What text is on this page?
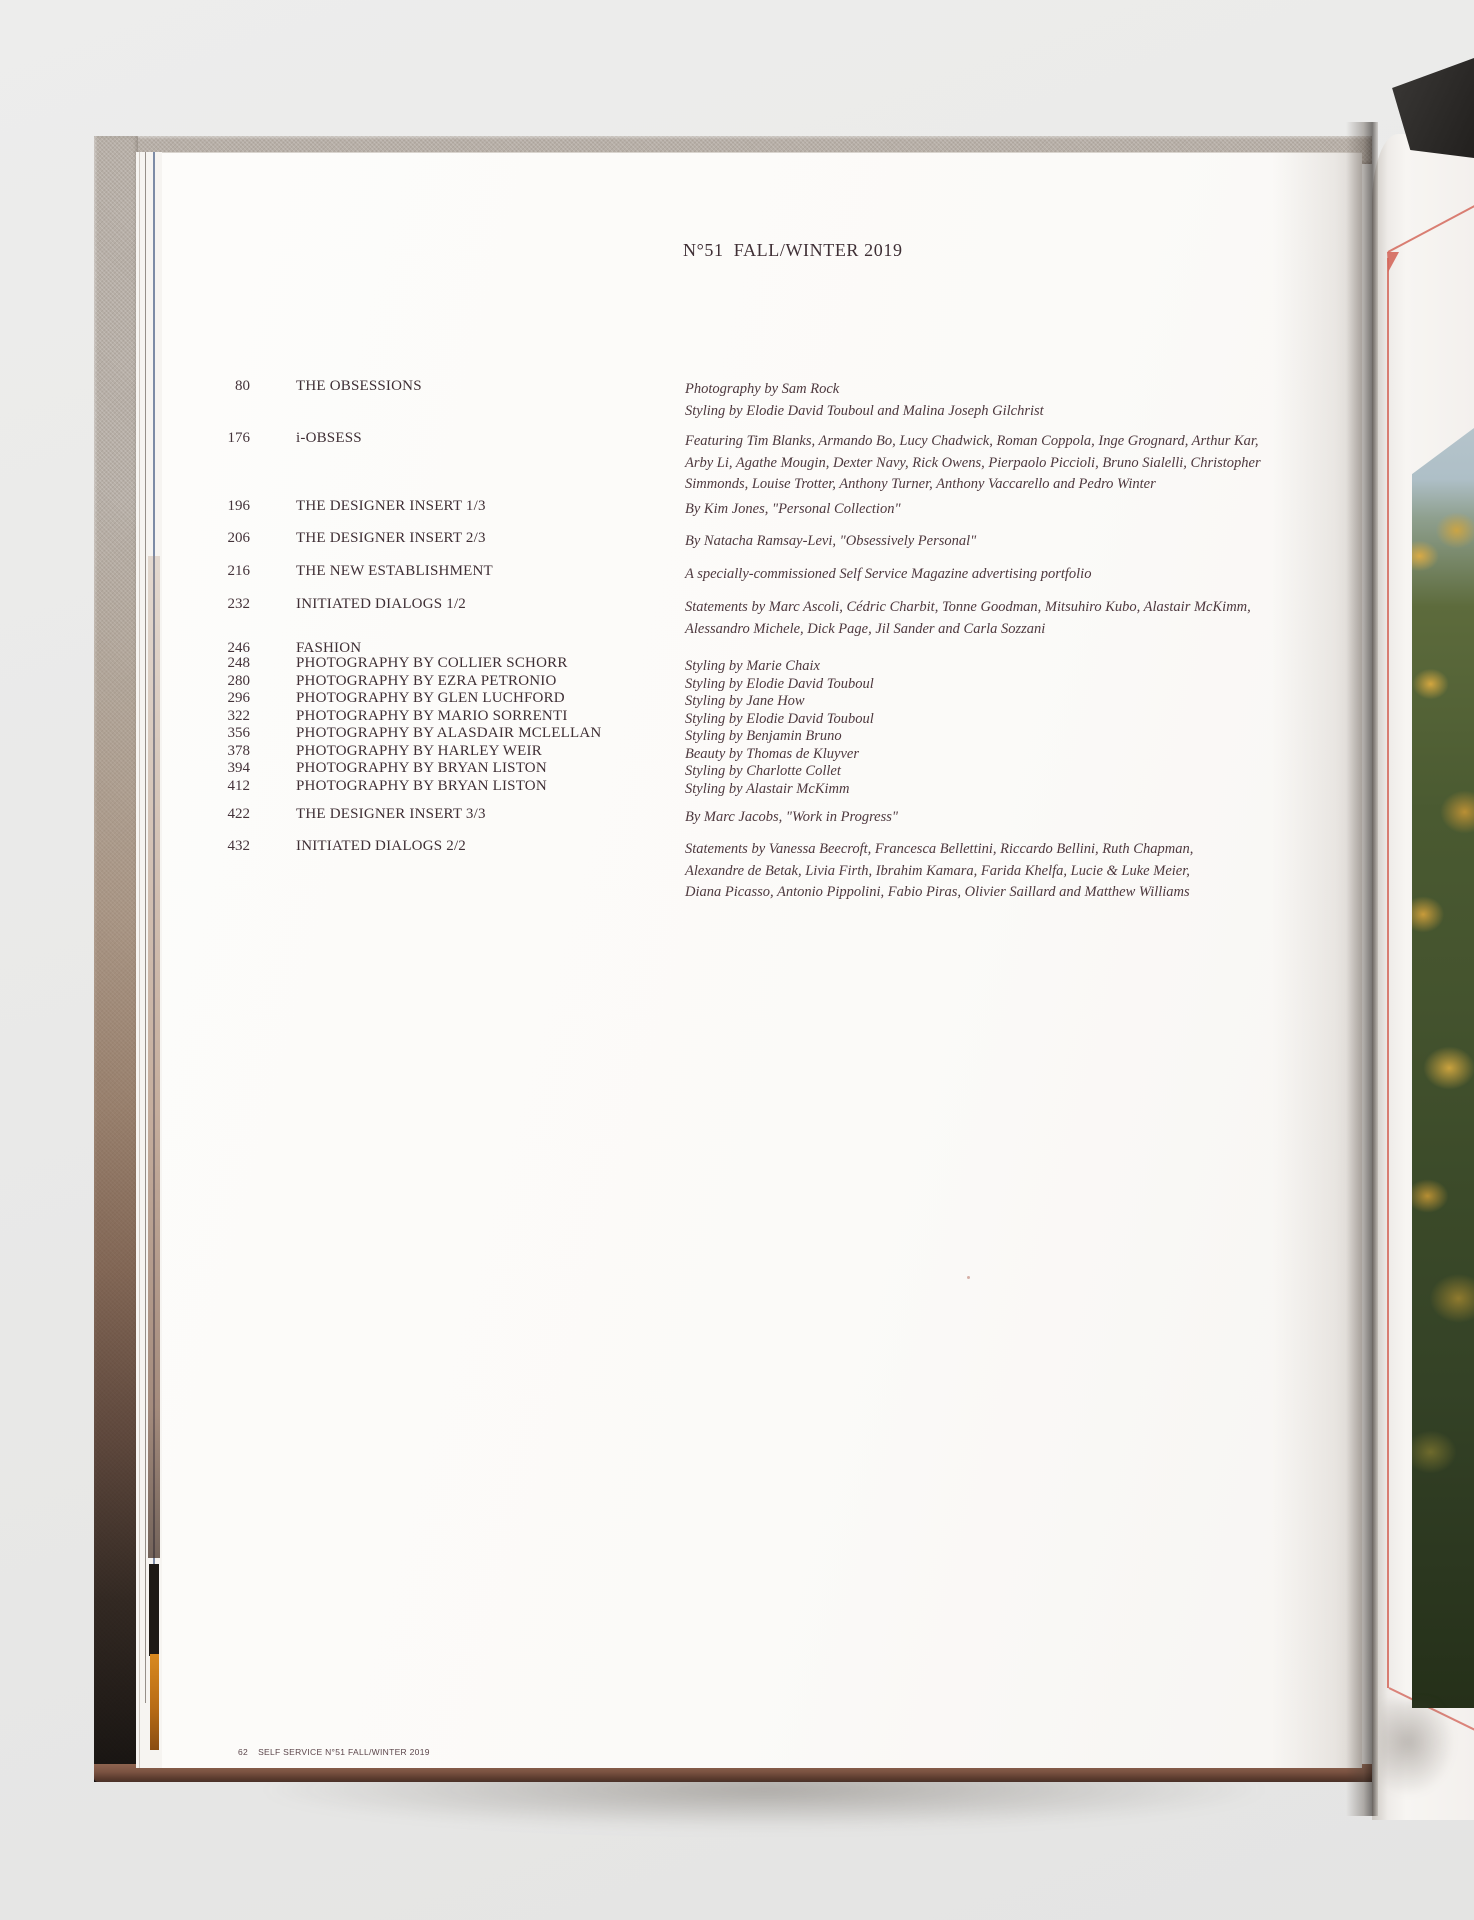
N°51  FALL/WINTER 2019
80	THE OBSESSIONS	Photography by Sam Rock
Styling by Elodie David Touboul and Malina Joseph Gilchrist
176	i-OBSESS	Featuring Tim Blanks, Armando Bo, Lucy Chadwick, Roman Coppola, Inge Grognard, Arthur Kar,
Arby Li, Agathe Mougin, Dexter Navy, Rick Owens, Pierpaolo Piccioli, Bruno Sialelli, Christopher
Simmonds, Louise Trotter, Anthony Turner, Anthony Vaccarello and Pedro Winter
196	THE DESIGNER INSERT 1/3	By Kim Jones, "Personal Collection"
206	THE DESIGNER INSERT 2/3	By Natacha Ramsay-Levi, "Obsessively Personal"
216	THE NEW ESTABLISHMENT	A specially-commissioned Self Service Magazine advertising portfolio
232	INITIATED DIALOGS 1/2	Statements by Marc Ascoli, Cédric Charbit, Tonne Goodman, Mitsuhiro Kubo, Alastair McKimm,
Alessandro Michele, Dick Page, Jil Sander and Carla Sozzani
246	FASHION
248	PHOTOGRAPHY BY COLLIER SCHORR	Styling by Marie Chaix
280	PHOTOGRAPHY BY EZRA PETRONIO	Styling by Elodie David Touboul
296	PHOTOGRAPHY BY GLEN LUCHFORD	Styling by Jane How
322	PHOTOGRAPHY BY MARIO SORRENTI	Styling by Elodie David Touboul
356	PHOTOGRAPHY BY ALASDAIR MCLELLAN	Styling by Benjamin Bruno
378	PHOTOGRAPHY BY HARLEY WEIR	Beauty by Thomas de Kluyver
394	PHOTOGRAPHY BY BRYAN LISTON	Styling by Charlotte Collet
412	PHOTOGRAPHY BY BRYAN LISTON	Styling by Alastair McKimm
422	THE DESIGNER INSERT 3/3	By Marc Jacobs, "Work in Progress"
432	INITIATED DIALOGS 2/2	Statements by Vanessa Beecroft, Francesca Bellettini, Riccardo Bellini, Ruth Chapman,
Alexandre de Betak, Livia Firth, Ibrahim Kamara, Farida Khelfa, Lucie & Luke Meier,
Diana Picasso, Antonio Pippolini, Fabio Piras, Olivier Saillard and Matthew Williams
62 SELF SERVICE N°51 FALL/WINTER 2019
